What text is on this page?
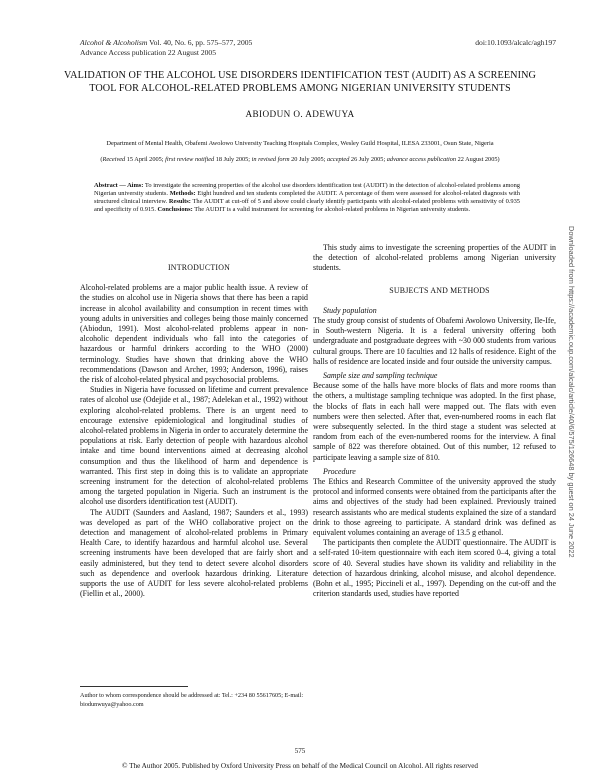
Alcohol & Alcoholism Vol. 40, No. 6, pp. 575–577, 2005
Advance Access publication 22 August 2005
doi:10.1093/alcalc/agh197
VALIDATION OF THE ALCOHOL USE DISORDERS IDENTIFICATION TEST (AUDIT) AS A SCREENING TOOL FOR ALCOHOL-RELATED PROBLEMS AMONG NIGERIAN UNIVERSITY STUDENTS
ABIODUN O. ADEWUYA
Department of Mental Health, Obafemi Awolowo University Teaching Hospitals Complex, Wesley Guild Hospital, ILESA 233001, Osun State, Nigeria
(Received 15 April 2005; first review notified 18 July 2005; in revised form 20 July 2005; accepted 26 July 2005; advance access publication 22 August 2005)
Abstract — Aims: To investigate the screening properties of the alcohol use disorders identification test (AUDIT) in the detection of alcohol-related problems among Nigerian university students. Methods: Eight hundred and ten students completed the AUDIT. A percentage of them were assessed for alcohol-related diagnosis with structured clinical interview. Results: The AUDIT at cut-off of 5 and above could clearly identify participants with alcohol-related problems with sensitivity of 0.935 and specificity of 0.915. Conclusions: The AUDIT is a valid instrument for screening for alcohol-related problems in Nigerian university students.

INTRODUCTION

Alcohol-related problems are a major public health issue. A review of the studies on alcohol use in Nigeria shows that there has been a rapid increase in alcohol availability and consumption in recent times with young adults in universities and colleges being those mainly concerned (Abiodun, 1991). Most alcohol-related problems appear in non-alcoholic dependent individuals who fall into the categories of hazardous or harmful drinkers according to the WHO (2000) terminology. Studies have shown that drinking above the WHO recommendations (Dawson and Archer, 1993; Anderson, 1996), raises the risk of alcohol-related physical and psychosocial problems.

Studies in Nigeria have focussed on lifetime and current prevalence rates of alcohol use (Odejide et al., 1987; Adelekan et al., 1992) without exploring alcohol-related problems. There is an urgent need to encourage extensive epidemiological and longitudinal studies of alcohol-related problems in Nigeria in order to accurately determine the populations at risk. Early detection of people with hazardous alcohol intake and time bound interventions aimed at decreasing alcohol consumption and thus the likelihood of harm and dependence is warranted. This first step in doing this is to validate an appropriate screening instrument for the detection of alcohol-related problems among the targeted population in Nigeria. Such an instrument is the alcohol use disorders identification test (AUDIT).

The AUDIT (Saunders and Aasland, 1987; Saunders et al., 1993) was developed as part of the WHO collaborative project on the detection and management of alcohol-related problems in Primary Health Care, to identify hazardous and harmful alcohol use. Several screening instruments have been developed that are fairly short and easily administered, but they tend to detect severe alcohol disorders such as dependence and overlook hazardous drinking. Literature supports the use of AUDIT for less severe alcohol-related problems (Fiellin et al., 2000).

Author to whom correspondence should be addressed at: Tel.: +234 80 55617605; E-mail: biodunwuya@yahoo.com

This study aims to investigate the screening properties of the AUDIT in the detection of alcohol-related problems among Nigerian university students.

SUBJECTS AND METHODS

Study population

The study group consist of students of Obafemi Awolowo University, Ile-Ife, in South-western Nigeria. It is a federal university offering both undergraduate and postgraduate degrees with ~30 000 students from various cultural groups. There are 10 faculties and 12 halls of residence. Eight of the halls of residence are located inside and four outside the university campus.

Sample size and sampling technique

Because some of the halls have more blocks of flats and more rooms than the others, a multistage sampling technique was adopted. In the first phase, the blocks of flats in each hall were mapped out. The flats with even numbers were then selected. After that, even-numbered rooms in each flat were subsequently selected. In the third stage a student was selected at random from each of the even-numbered rooms for the interview. A final sample of 822 was therefore obtained. Out of this number, 12 refused to participate leaving a sample size of 810.

Procedure

The Ethics and Research Committee of the university approved the study protocol and informed consents were obtained from the participants after the aims and objectives of the study had been explained. Previously trained research assistants who are medical students explained the size of a standard drink to those agreeing to participate. A standard drink was defined as equivalent volumes containing an average of 13.5 g ethanol.

The participants then complete the AUDIT questionnaire. The AUDIT is a self-rated 10-item questionnaire with each item scored 0–4, giving a total score of 40. Several studies have shown its validity and reliability in the detection of hazardous drinking, alcohol misuse, and alcohol dependence. (Bohn et al., 1995; Piccineli et al., 1997). Depending on the cut-off and the criterion standards used, studies have reported

575
© The Author 2005. Published by Oxford University Press on behalf of the Medical Council on Alcohol. All rights reserved
Downloaded from https://academic.oup.com/alcalc/article/40/6/575/126648 by guest on 24 June 2022
